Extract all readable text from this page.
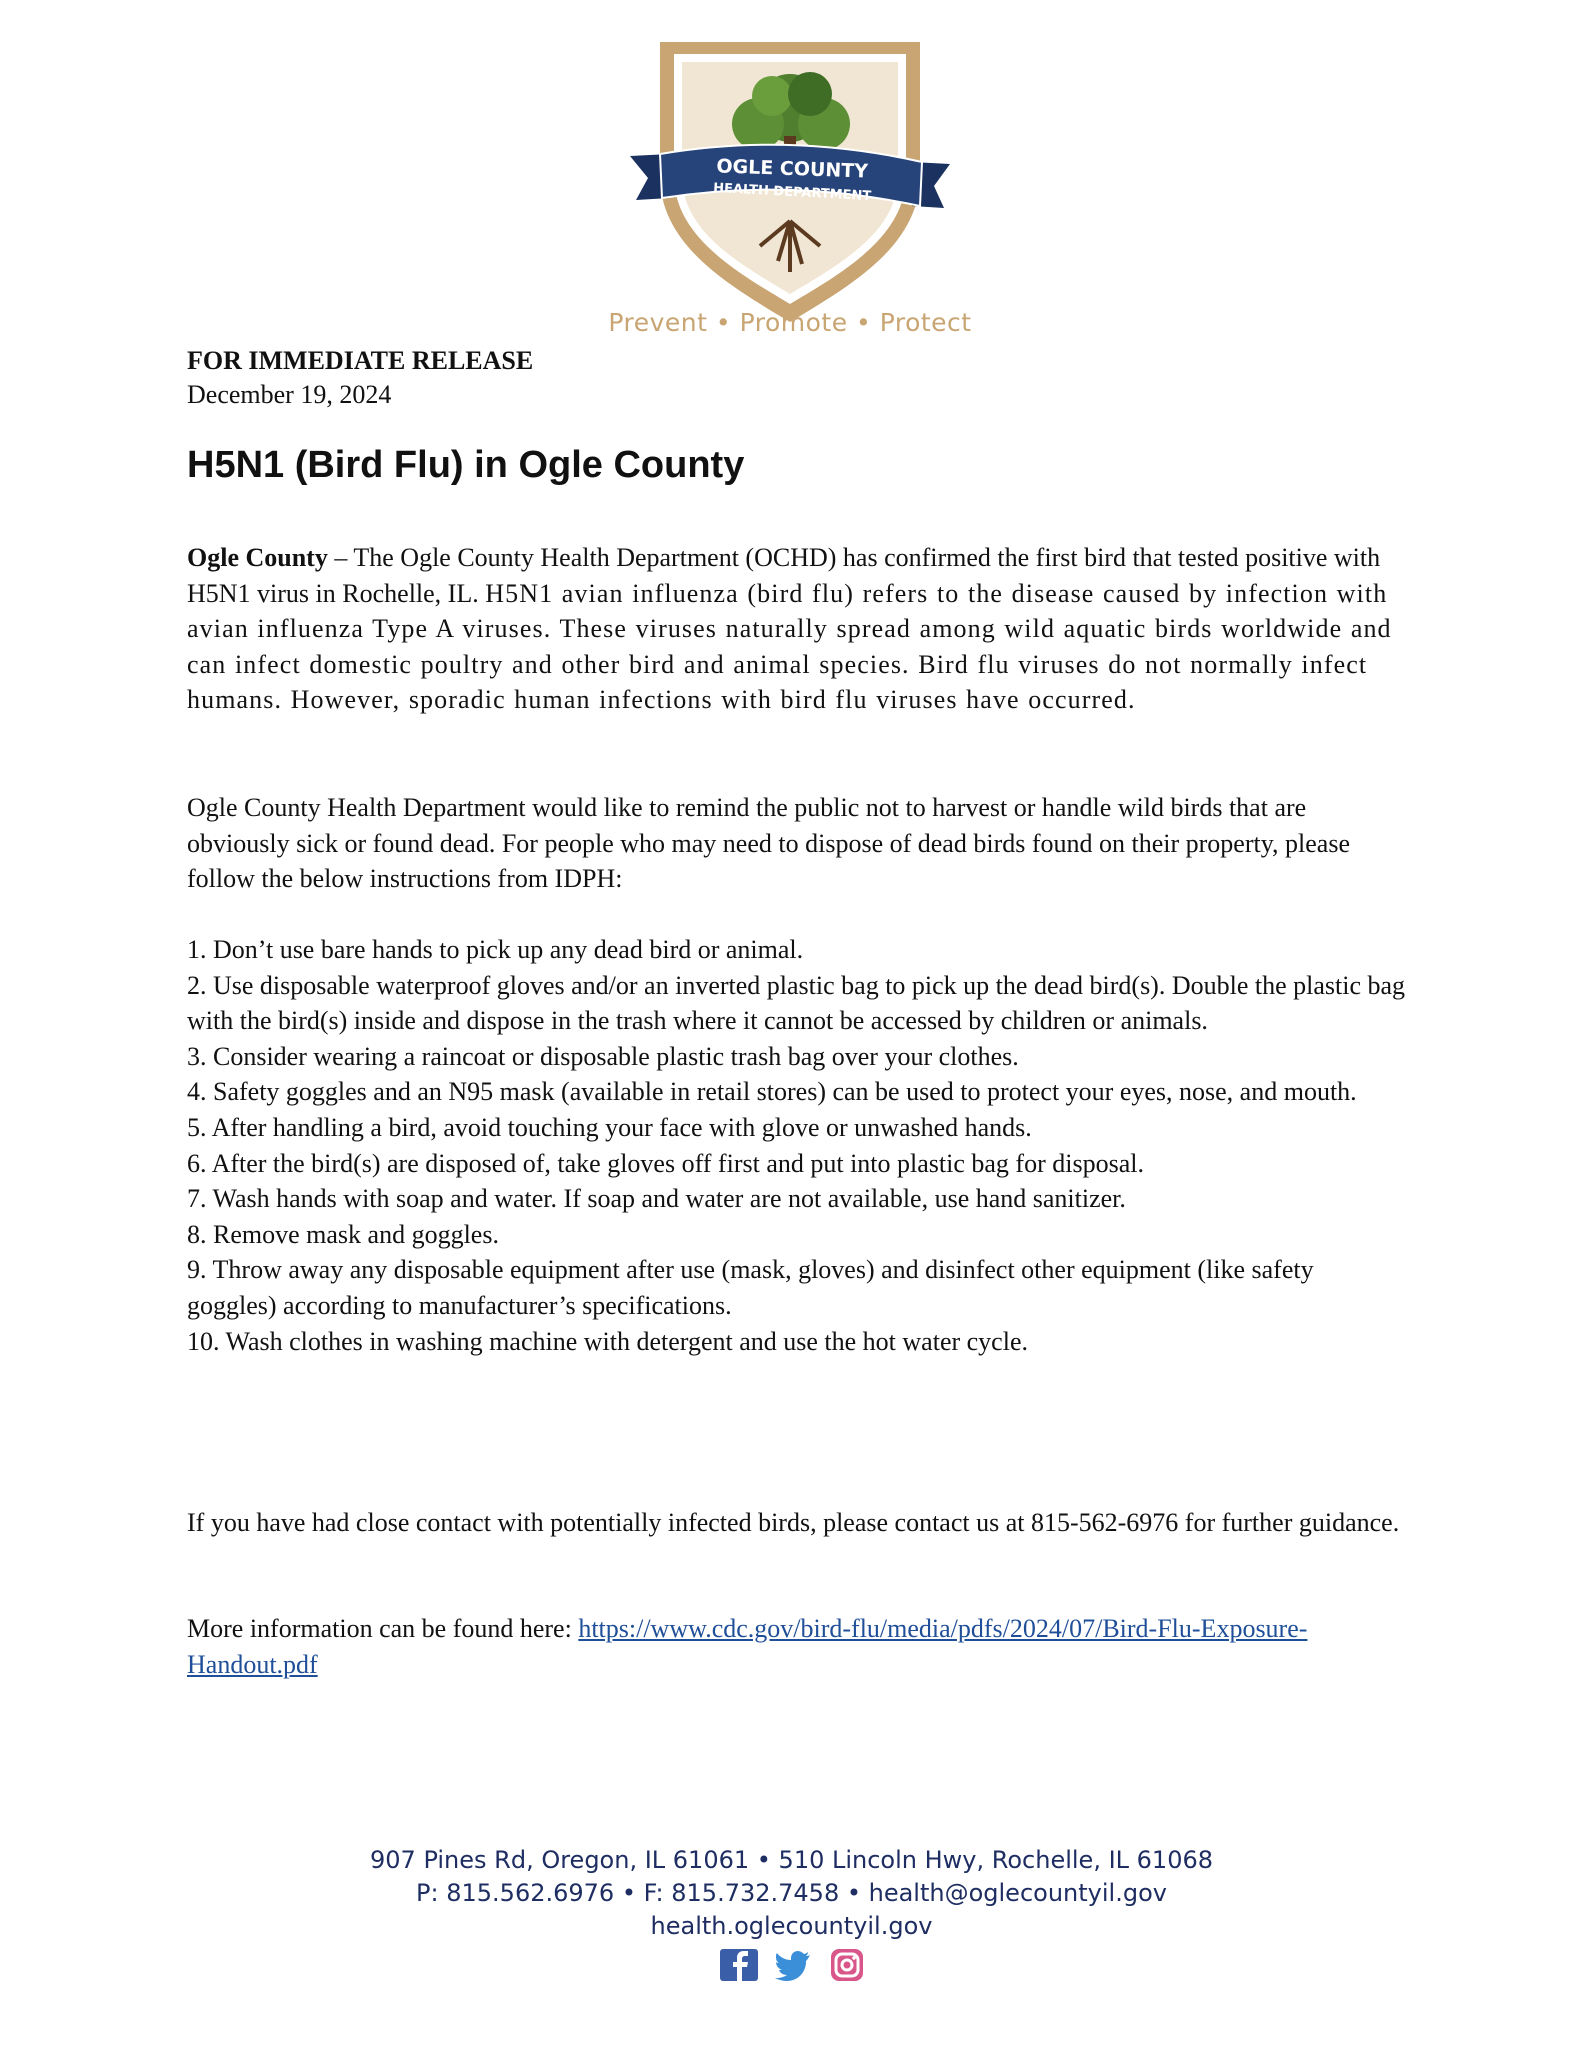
OGLE COUNTY
HEALTH DEPARTMENT
Prevent • Promote • Protect
FOR IMMEDIATE RELEASE
December 19, 2024
H5N1 (Bird Flu) in Ogle County
Ogle County – The Ogle County Health Department (OCHD) has confirmed the first bird that tested positive with H5N1 virus in Rochelle, IL. H5N1 avian influenza (bird flu) refers to the disease caused by infection with avian influenza Type A viruses. These viruses naturally spread among wild aquatic birds worldwide and can infect domestic poultry and other bird and animal species. Bird flu viruses do not normally infect humans. However, sporadic human infections with bird flu viruses have occurred.
Ogle County Health Department would like to remind the public not to harvest or handle wild birds that are obviously sick or found dead. For people who may need to dispose of dead birds found on their property, please follow the below instructions from IDPH:

1. Don’t use bare hands to pick up any dead bird or animal.

2. Use disposable waterproof gloves and/or an inverted plastic bag to pick up the dead bird(s). Double the plastic bag with the bird(s) inside and dispose in the trash where it cannot be accessed by children or animals.

3. Consider wearing a raincoat or disposable plastic trash bag over your clothes.

4. Safety goggles and an N95 mask (available in retail stores) can be used to protect your eyes, nose, and mouth.

5. After handling a bird, avoid touching your face with glove or unwashed hands.

6. After the bird(s) are disposed of, take gloves off first and put into plastic bag for disposal.

7. Wash hands with soap and water. If soap and water are not available, use hand sanitizer.

8. Remove mask and goggles.

9. Throw away any disposable equipment after use (mask, gloves) and disinfect other equipment (like safety goggles) according to manufacturer’s specifications.

10. Wash clothes in washing machine with detergent and use the hot water cycle.

If you have had close contact with potentially infected birds, please contact us at 815-562-6976 for further guidance.
More information can be found here: https://www.cdc.gov/bird-flu/media/pdfs/2024/07/Bird-Flu-Exposure-Handout.pdf
907 Pines Rd, Oregon, IL 61061 • 510 Lincoln Hwy, Rochelle, IL 61068
P: 815.562.6976 • F: 815.732.7458 • health@oglecountyil.gov
health.oglecountyil.gov
